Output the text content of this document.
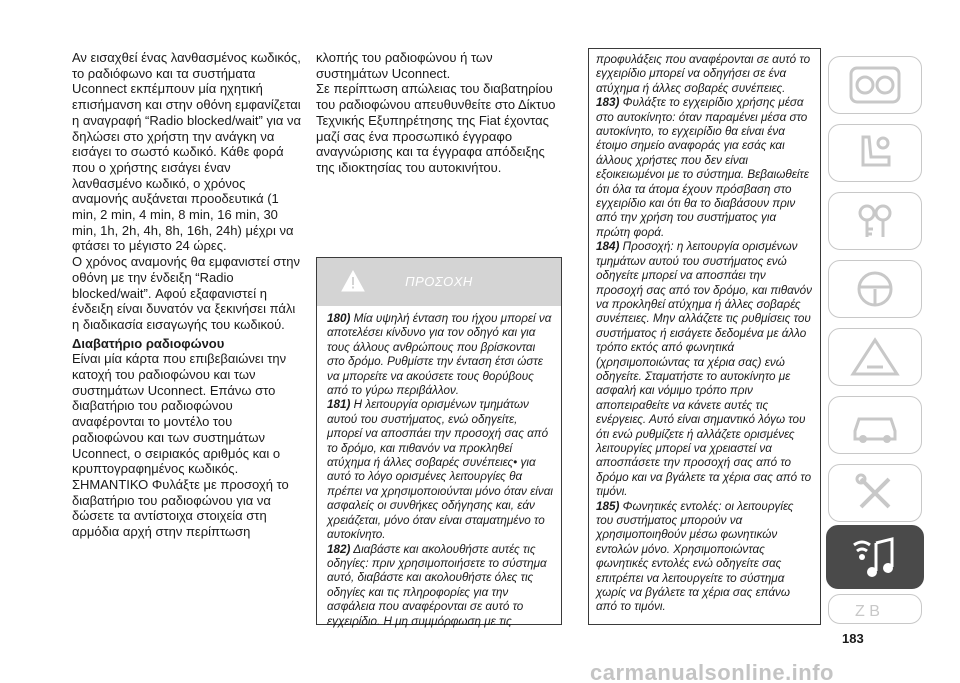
Αν εισαχθεί ένας λανθασμένος κωδικός, το ραδιόφωνο και τα συστήματα Uconnect εκπέμπουν μία ηχητική επισήμανση και στην οθόνη εμφανίζεται η αναγραφή “Radio blocked/wait” για να δηλώσει στο χρήστη την ανάγκη να εισάγει το σωστό κωδικό. Κάθε φορά που ο χρήστης εισάγει έναν λανθασμένο κωδικό, ο χρόνος αναμονής αυξάνεται προοδευτικά (1 min, 2 min, 4 min, 8 min, 16 min, 30 min, 1h, 2h, 4h, 8h, 16h, 24h) μέχρι να φτάσει το μέγιστο 24 ώρες.

Ο χρόνος αναμονής θα εμφανιστεί στην οθόνη με την ένδειξη “Radio blocked/wait”. Αφού εξαφανιστεί η ένδειξη είναι δυνατόν να ξεκινήσει πάλι η διαδικασία εισαγωγής του κωδικού.

Διαβατήριο ραδιοφώνου

Είναι μία κάρτα που επιβεβαιώνει την κατοχή του ραδιοφώνου και των συστημάτων Uconnect. Επάνω στο διαβατήριο του ραδιοφώνου αναφέρονται το μοντέλο του ραδιοφώνου και των συστημάτων Uconnect, ο σειριακός αριθμός και ο κρυπτογραφημένος κωδικός.

ΣΗΜΑΝΤΙΚΟ Φυλάξτε με προσοχή το διαβατήριο του ραδιοφώνου για να δώσετε τα αντίστοιχα στοιχεία στη αρμόδια αρχή στην περίπτωση

κλοπής του ραδιοφώνου ή των συστημάτων Uconnect.

Σε περίπτωση απώλειας του διαβατηρίου του ραδιοφώνου απευθυνθείτε στο Δίκτυο Τεχνικής Εξυπηρέτησης της Fiat έχοντας μαζί σας ένα προσωπικό έγγραφο αναγνώρισης και τα έγγραφα απόδειξης της ιδιοκτησίας του αυτοκινήτου.

ΠΡΟΣΟΧΗ

180) Μία υψηλή ένταση του ήχου μπορεί να αποτελέσει κίνδυνο για τον οδηγό και για τους άλλους ανθρώπους που βρίσκονται στο δρόμο. Ρυθμίστε την ένταση έτσι ώστε να μπορείτε να ακούσετε τους θορύβους από το γύρω περιβάλλον.

181) Η λειτουργία ορισμένων τμημάτων αυτού του συστήματος, ενώ οδηγείτε, μπορεί να αποσπάει την προσοχή σας από το δρόμο, και πιθανόν να προκληθεί ατύχημα ή άλλες σοβαρές συνέπειες• για αυτό το λόγο ορισμένες λειτουργίες θα πρέπει να χρησιμοποιούνται μόνο όταν είναι ασφαλείς οι συνθήκες οδήγησης και, εάν χρειάζεται, μόνο όταν είναι σταματημένο το αυτοκίνητο.

182) Διαβάστε και ακολουθήστε αυτές τις οδηγίες: πριν χρησιμοποιήσετε το σύστημα αυτό, διαβάστε και ακολουθήστε όλες τις οδηγίες και τις πληροφορίες για την ασφάλεια που αναφέρονται σε αυτό το εγχειρίδιο. Η μη συμμόρφωση με τις

προφυλάξεις που αναφέρονται σε αυτό το εγχειρίδιο μπορεί να οδηγήσει σε ένα ατύχημα ή άλλες σοβαρές συνέπειες.

183) Φυλάξτε το εγχειρίδιο χρήσης μέσα στο αυτοκίνητο: όταν παραμένει μέσα στο αυτοκίνητο, το εγχειρίδιο θα είναι ένα έτοιμο σημείο αναφοράς για εσάς και άλλους χρήστες που δεν είναι εξοικειωμένοι με το σύστημα. Βεβαιωθείτε ότι όλα τα άτομα έχουν πρόσβαση στο εγχειρίδιο και ότι θα το διαβάσουν πριν από την χρήση του συστήματος για πρώτη φορά.

184) Προσοχή: η λειτουργία ορισμένων τμημάτων αυτού του συστήματος ενώ οδηγείτε μπορεί να αποσπάει την προσοχή σας από τον δρόμο, και πιθανόν να προκληθεί ατύχημα ή άλλες σοβαρές συνέπειες. Μην αλλάζετε τις ρυθμίσεις του συστήματος ή εισάγετε δεδομένα με άλλο τρόπο εκτός από φωνητικά (χρησιμοποιώντας τα χέρια σας) ενώ οδηγείτε. Σταματήστε το αυτοκίνητο με ασφαλή και νόμιμο τρόπο πριν αποπειραθείτε να κάνετε αυτές τις ενέργειες. Αυτό είναι σημαντικό λόγω του ότι ενώ ρυθμίζετε ή αλλάζετε ορισμένες λειτουργίες μπορεί να χρειαστεί να αποσπάσετε την προσοχή σας από το δρόμο και να βγάλετε τα χέρια σας από το τιμόνι.

185) Φωνητικές εντολές: οι λειτουργίες του συστήματος μπορούν να χρησιμοποιηθούν μέσω φωνητικών εντολών μόνο. Χρησιμοποιώντας φωνητικές εντολές ενώ οδηγείτε σας επιτρέπει να λειτουργείτε το σύστημα χωρίς να βγάλετε τα χέρια σας επάνω από το τιμόνι.	Z B
183
carmanualsonline.info
